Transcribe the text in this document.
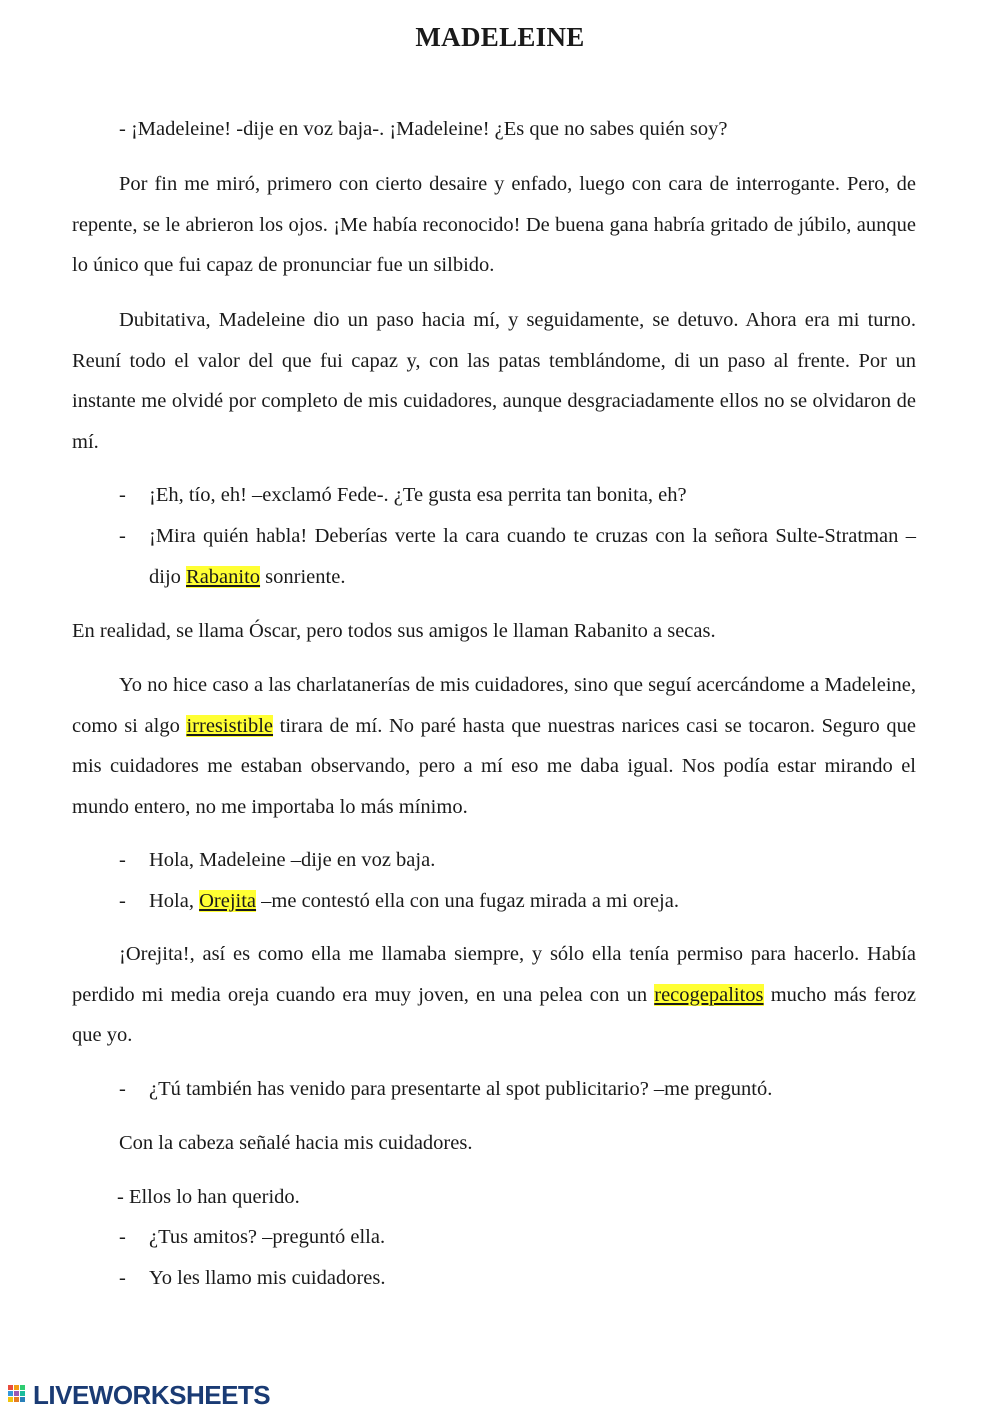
MADELEINE

- ¡Madeleine! -dije en voz baja-. ¡Madeleine! ¿Es que no sabes quién soy?

Por fin me miró, primero con cierto desaire y enfado, luego con cara de interrogante. Pero, de repente, se le abrieron los ojos. ¡Me había reconocido! De buena gana habría gritado de júbilo, aunque lo único que fui capaz de pronunciar fue un silbido.

Dubitativa, Madeleine dio un paso hacia mí, y seguidamente, se detuvo. Ahora era mi turno. Reuní todo el valor del que fui capaz y, con las patas temblándome, di un paso al frente. Por un instante me olvidé por completo de mis cuidadores, aunque desgraciadamente ellos no se olvidaron de mí.

-	¡Eh, tío, eh! –exclamó Fede-. ¿Te gusta esa perrita tan bonita, eh?
-	¡Mira quién habla! Deberías verte la cara cuando te cruzas con la señora Sulte-Stratman –dijo Rabanito sonriente.

En realidad, se llama Óscar, pero todos sus amigos le llaman Rabanito a secas.

Yo no hice caso a las charlatanerías de mis cuidadores, sino que seguí acercándome a Madeleine, como si algo irresistible tirara de mí. No paré hasta que nuestras narices casi se tocaron. Seguro que mis cuidadores me estaban observando, pero a mí eso me daba igual. Nos podía estar mirando el mundo entero, no me importaba lo más mínimo.

-	Hola, Madeleine –dije en voz baja.
-	Hola, Orejita –me contestó ella con una fugaz mirada a mi oreja.

¡Orejita!, así es como ella me llamaba siempre, y sólo ella tenía permiso para hacerlo. Había perdido mi media oreja cuando era muy joven, en una pelea con un recogepalitos mucho más feroz que yo.

-	¿Tú también has venido para presentarte al spot publicitario? –me preguntó.

Con la cabeza señalé hacia mis cuidadores.

- Ellos lo han querido.

-	¿Tus amitos? –preguntó ella.
-	Yo les llamo mis cuidadores.
LIVEWORKSHEETS
